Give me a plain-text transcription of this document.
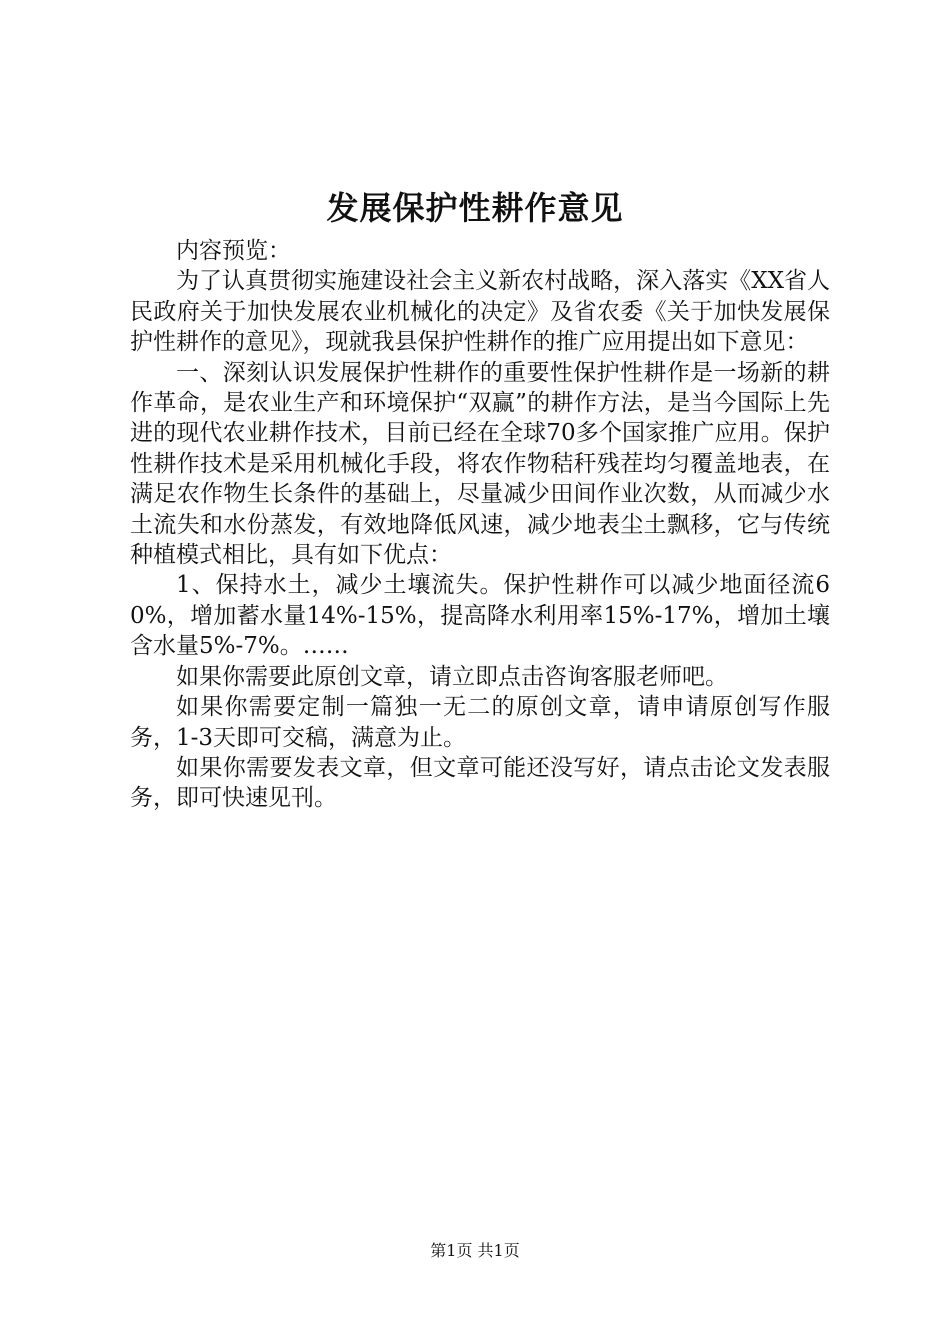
发展保护性耕作意见

内容预览：

为了认真贯彻实施建设社会主义新农村战略，深入落实《XX省人民政府关于加快发展农业机械化的决定》及省农委《关于加快发展保护性耕作的意见》，现就我县保护性耕作的推广应用提出如下意见：

一、深刻认识发展保护性耕作的重要性保护性耕作是一场新的耕作革命，是农业生产和环境保护“双赢”的耕作方法，是当今国际上先进的现代农业耕作技术，目前已经在全球70多个国家推广应用。保护性耕作技术是采用机械化手段，将农作物秸秆残茬均匀覆盖地表，在满足农作物生长条件的基础上，尽量减少田间作业次数，从而减少水土流失和水份蒸发，有效地降低风速，减少地表尘土飘移，它与传统种植模式相比，具有如下优点：

1、保持水土，减少土壤流失。保护性耕作可以减少地面径流60%，增加蓄水量14%-15%，提高降水利用率15%-17%，增加土壤含水量5%-7%。……

如果你需要此原创文章，请立即点击咨询客服老师吧。

如果你需要定制一篇独一无二的原创文章，请申请原创写作服务，1-3天即可交稿，满意为止。

如果你需要发表文章，但文章可能还没写好，请点击论文发表服务，即可快速见刊。

第1页 共1页
